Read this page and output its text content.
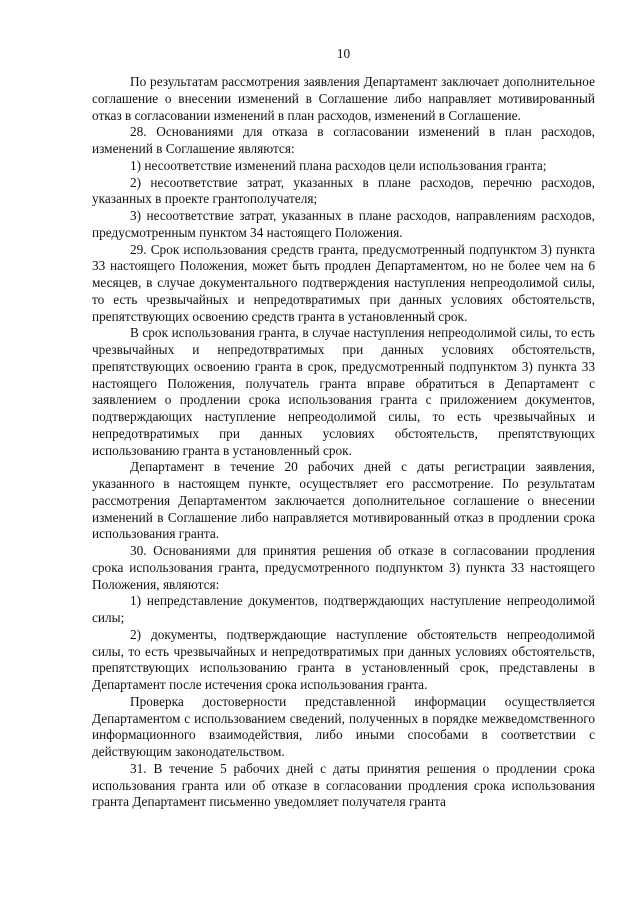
10

По результатам рассмотрения заявления Департамент заключает дополнительное соглашение о внесении изменений в Соглашение либо направляет мотивированный отказ в согласовании изменений в план расходов, изменений в Соглашение.

28. Основаниями для отказа в согласовании изменений в план расходов, изменений в Соглашение являются:

1) несоответствие изменений плана расходов цели использования гранта;

2) несоответствие затрат, указанных в плане расходов, перечню расходов, указанных в проекте грантополучателя;

3) несоответствие затрат, указанных в плане расходов, направлениям расходов, предусмотренным пунктом 34 настоящего Положения.

29. Срок использования средств гранта, предусмотренный подпунктом 3) пункта 33 настоящего Положения, может быть продлен Департаментом, но не более чем на 6 месяцев, в случае документального подтверждения наступления непреодолимой силы, то есть чрезвычайных и непредотвратимых при данных условиях обстоятельств, препятствующих освоению средств гранта в установленный срок.

В срок использования гранта, в случае наступления непреодолимой силы, то есть чрезвычайных и непредотвратимых при данных условиях обстоятельств, препятствующих освоению гранта в срок, предусмотренный подпунктом 3) пункта 33 настоящего Положения, получатель гранта вправе обратиться в Департамент с заявлением о продлении срока использования гранта с приложением документов, подтверждающих наступление непреодолимой силы, то есть чрезвычайных и непредотвратимых при данных условиях обстоятельств, препятствующих использованию гранта в установленный срок.

Департамент в течение 20 рабочих дней с даты регистрации заявления, указанного в настоящем пункте, осуществляет его рассмотрение. По результатам рассмотрения Департаментом заключается дополнительное соглашение о внесении изменений в Соглашение либо направляется мотивированный отказ в продлении срока использования гранта.

30. Основаниями для принятия решения об отказе в согласовании продления срока использования гранта, предусмотренного подпунктом 3) пункта 33 настоящего Положения, являются:

1) непредставление документов, подтверждающих наступление непреодолимой силы;

2) документы, подтверждающие наступление обстоятельств непреодолимой силы, то есть чрезвычайных и непредотвратимых при данных условиях обстоятельств, препятствующих использованию гранта в установленный срок, представлены в Департамент после истечения срока использования гранта.

Проверка достоверности представленной информации осуществляется Департаментом с использованием сведений, полученных в порядке межведомственного информационного взаимодействия, либо иными способами в соответствии с действующим законодательством.

31. В течение 5 рабочих дней с даты принятия решения о продлении срока использования гранта или об отказе в согласовании продления срока использования гранта Департамент письменно уведомляет получателя гранта
